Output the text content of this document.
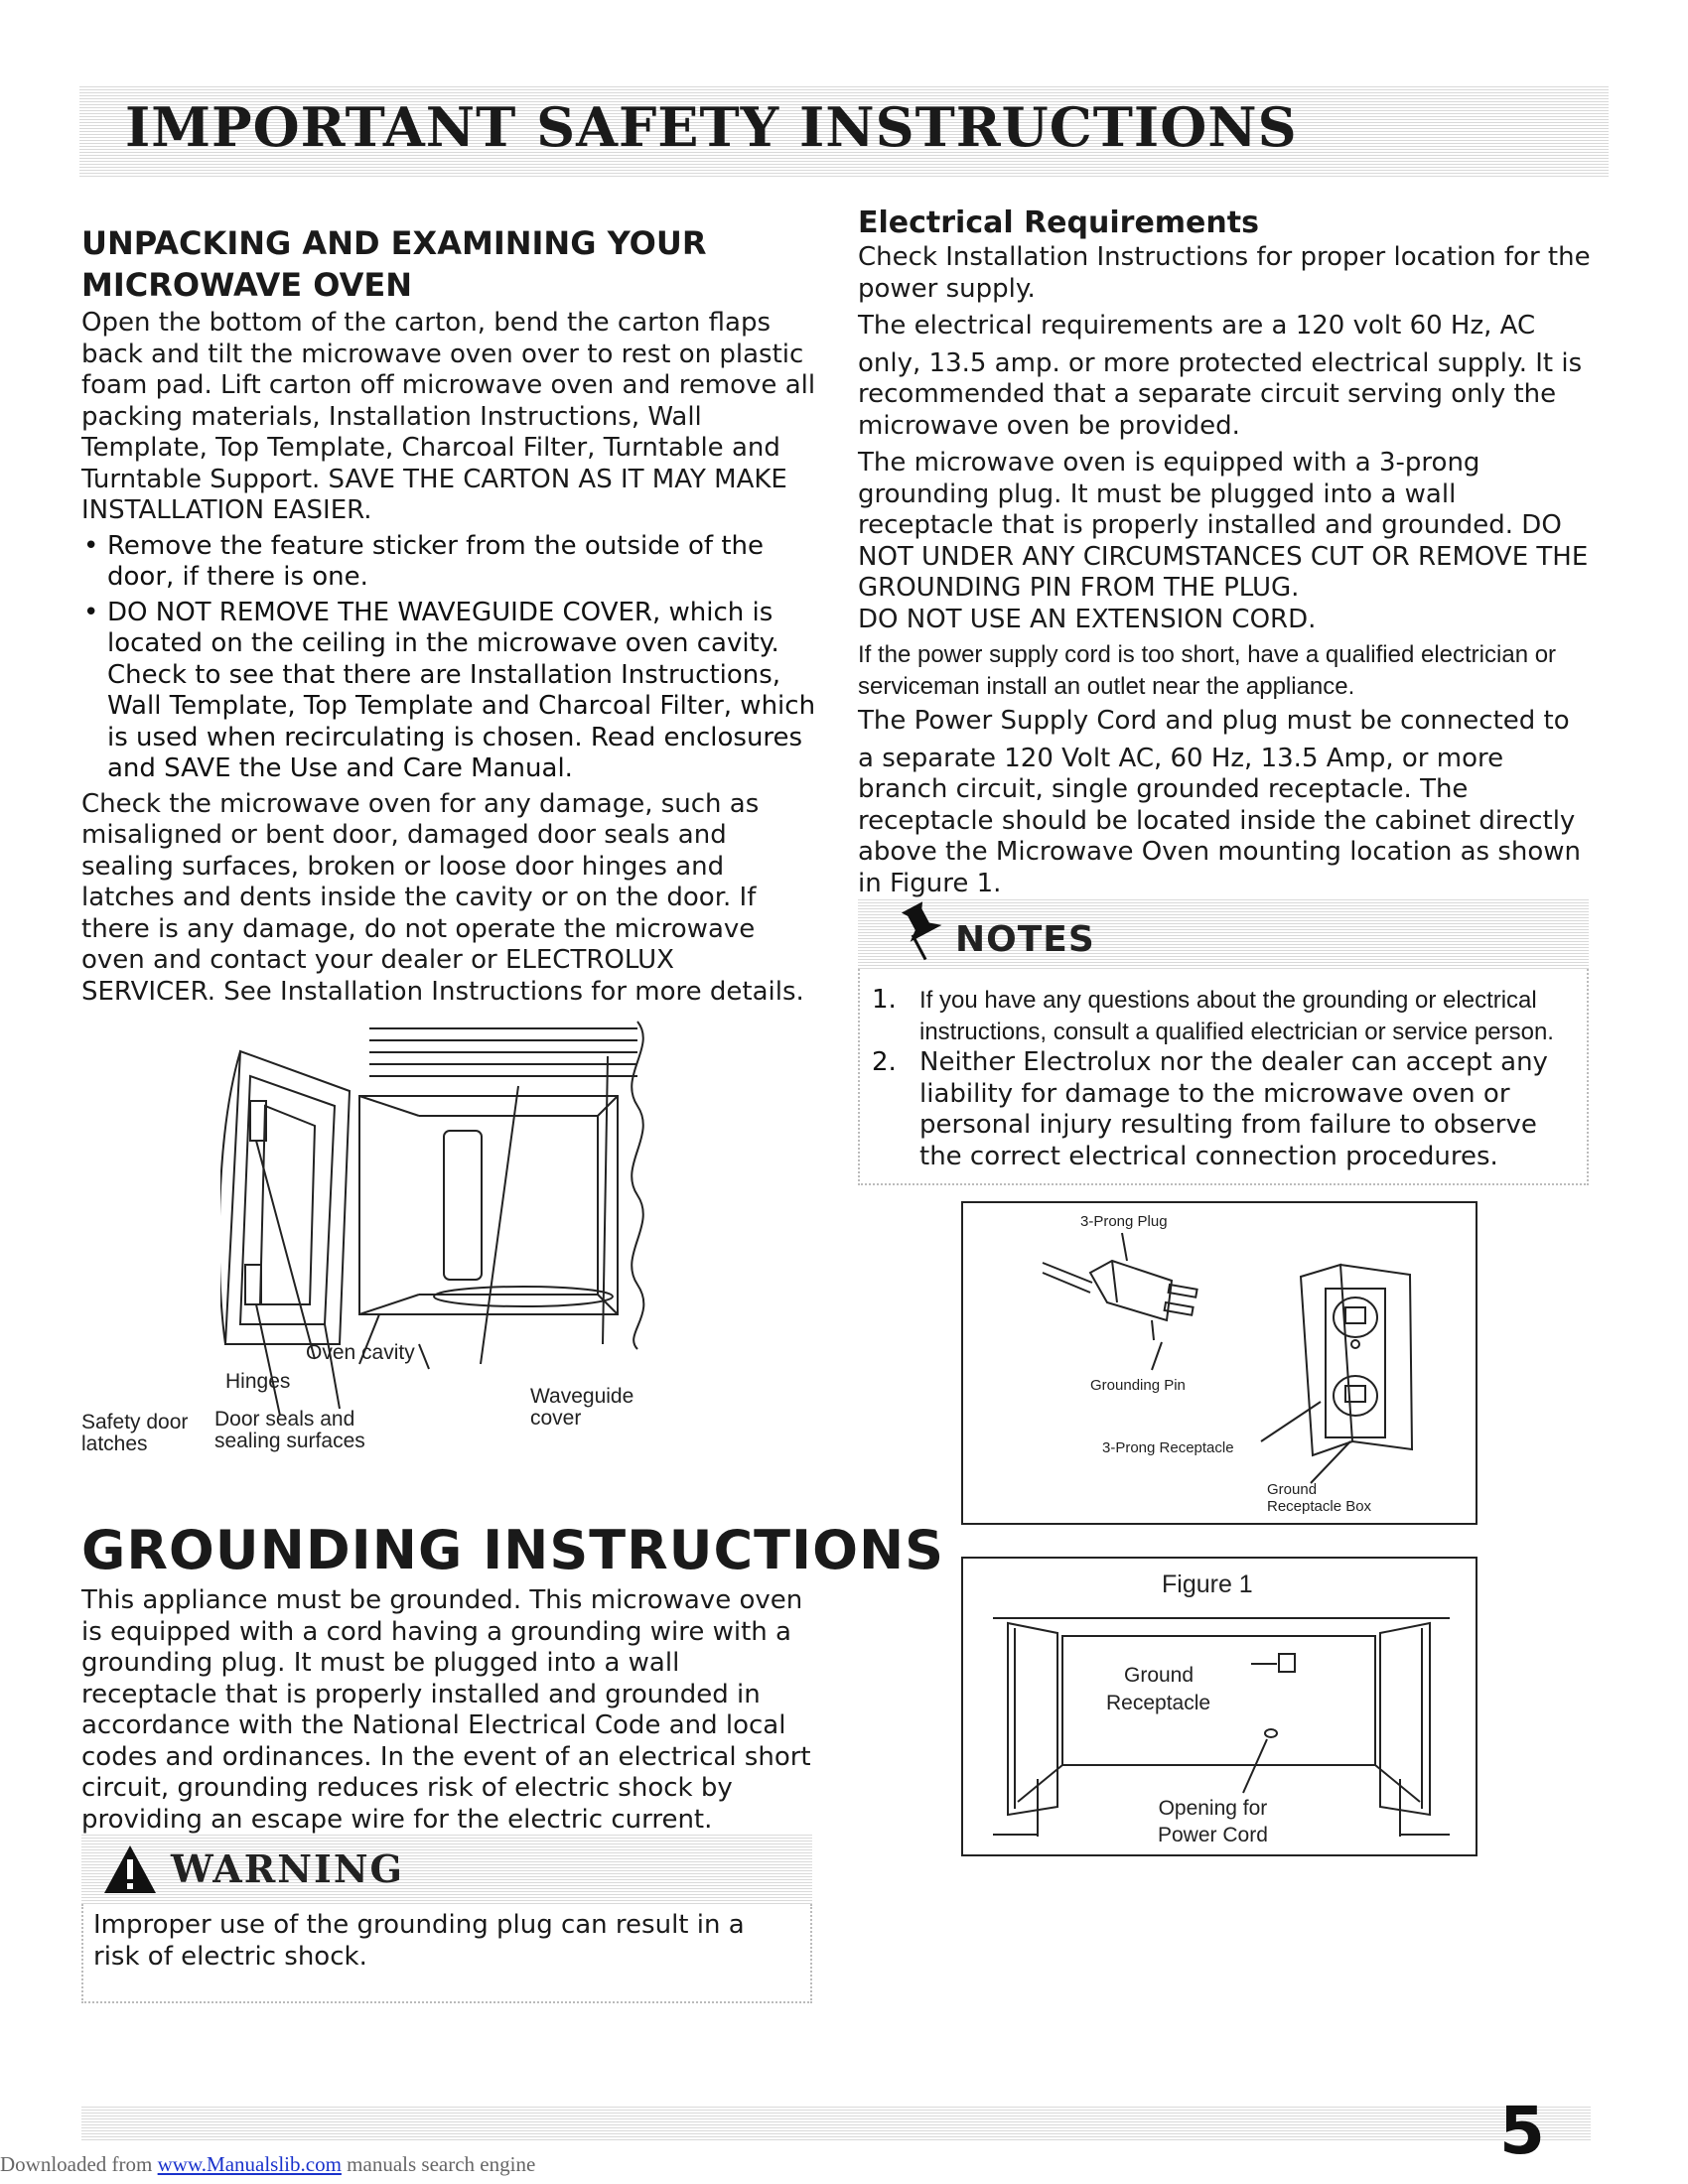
IMPORTANT SAFETY INSTRUCTIONS
UNPACKING AND EXAMINING YOUR
MICROWAVE OVEN

Open the bottom of the carton, bend the carton flaps back and tilt the microwave oven over to rest on plastic foam pad. Lift carton off microwave oven and remove all packing materials, Installation Instructions, Wall Template, Top Template, Charcoal Filter, Turntable and Turntable Support. SAVE THE CARTON AS IT MAY MAKE INSTALLATION EASIER.

• Remove the feature sticker from the outside of the door, if there is one.
• DO NOT REMOVE THE WAVEGUIDE COVER, which is located on the ceiling in the microwave oven cavity. Check to see that there are Installation Instructions, Wall Template, Top Template and Charcoal Filter, which is used when recirculating is chosen. Read enclosures and SAVE the Use and Care Manual.

Check the microwave oven for any damage, such as misaligned or bent door, damaged door seals and sealing surfaces, broken or loose door hinges and latches and dents inside the cavity or on the door. If there is any damage, do not operate the microwave oven and contact your dealer or ELECTROLUX SERVICER. See Installation Instructions for more details.

Oven cavity
Hinges
Waveguide
cover
Safety door
latches
Door seals and
sealing surfaces
GROUNDING INSTRUCTIONS

This appliance must be grounded. This microwave oven is equipped with a cord having a grounding wire with a grounding plug. It must be plugged into a wall receptacle that is properly installed and grounded in accordance with the National Electrical Code and local codes and ordinances. In the event of an electrical short circuit, grounding reduces risk of electric shock by providing an escape wire for the electric current.

WARNING

Improper use of the grounding plug can result in a risk of electric shock.

Electrical Requirements

Check Installation Instructions for proper location for the power supply.

The electrical requirements are a 120 volt 60 Hz, AC

only, 13.5 amp. or more protected electrical supply. It is recommended that a separate circuit serving only the microwave oven be provided.

The microwave oven is equipped with a 3-prong grounding plug. It must be plugged into a wall receptacle that is properly installed and grounded. DO NOT UNDER ANY CIRCUMSTANCES CUT OR REMOVE THE GROUNDING PIN FROM THE PLUG.

DO NOT USE AN EXTENSION CORD.

If the power supply cord is too short, have a qualified electrician or serviceman install an outlet near the appliance.

The Power Supply Cord and plug must be connected to

a separate 120 Volt AC, 60 Hz, 13.5 Amp, or more branch circuit, single grounded receptacle. The receptacle should be located inside the cabinet directly above the Microwave Oven mounting location as shown in Figure 1.

NOTES
1. If you have any questions about the grounding or electrical instructions, consult a qualified electrician or service person.

2. Neither Electrolux nor the dealer can accept any liability for damage to the microwave oven or personal injury resulting from failure to observe the correct electrical connection procedures.

3-Prong Plug
Grounding Pin
3-Prong Receptacle
Ground
Receptacle Box
Figure 1
Ground
Receptacle
Opening for
Power Cord
5
Downloaded from www.Manualslib.com manuals search engine
